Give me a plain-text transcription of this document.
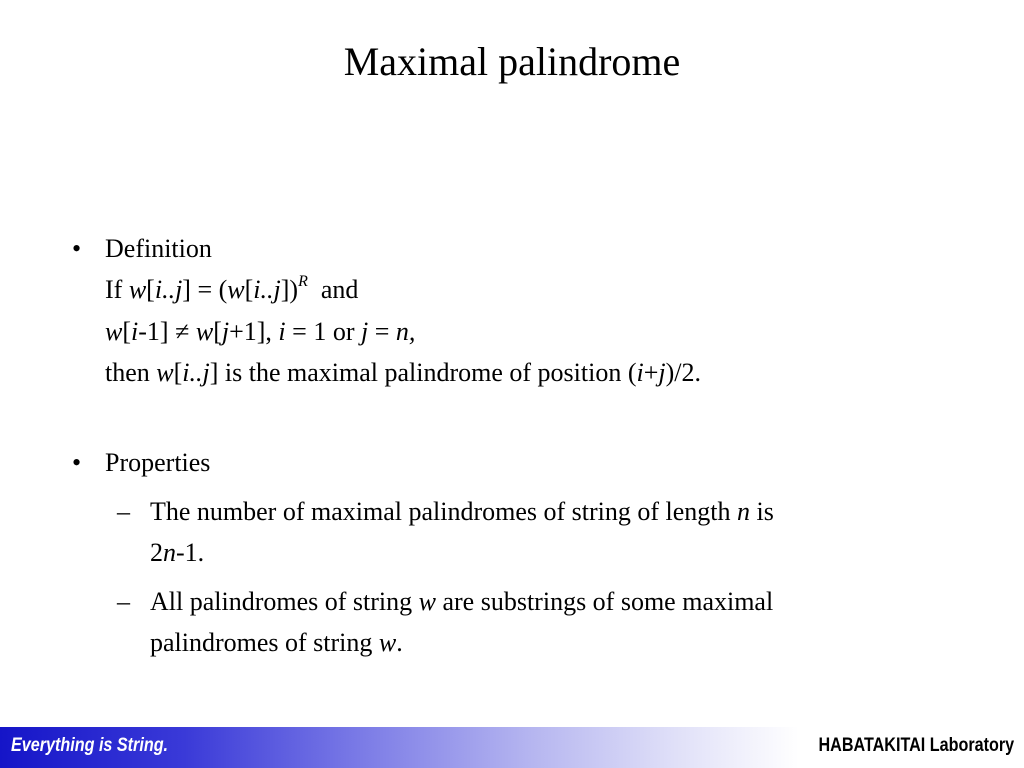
Maximal palindrome
• Definition
If $w[i..j] = (w[i..j])^R$  and
w[i-1] ≠ w[j+1], i = 1 or j = n,
then w[i..j] is the maximal palindrome of position (i+j)/2.
• Properties
– The number of maximal palindromes of string of length n is
2n-1.
– All palindromes of string w are substrings of some maximal
palindromes of string w.
Everything is String.	HABATAKITAI Laboratory
